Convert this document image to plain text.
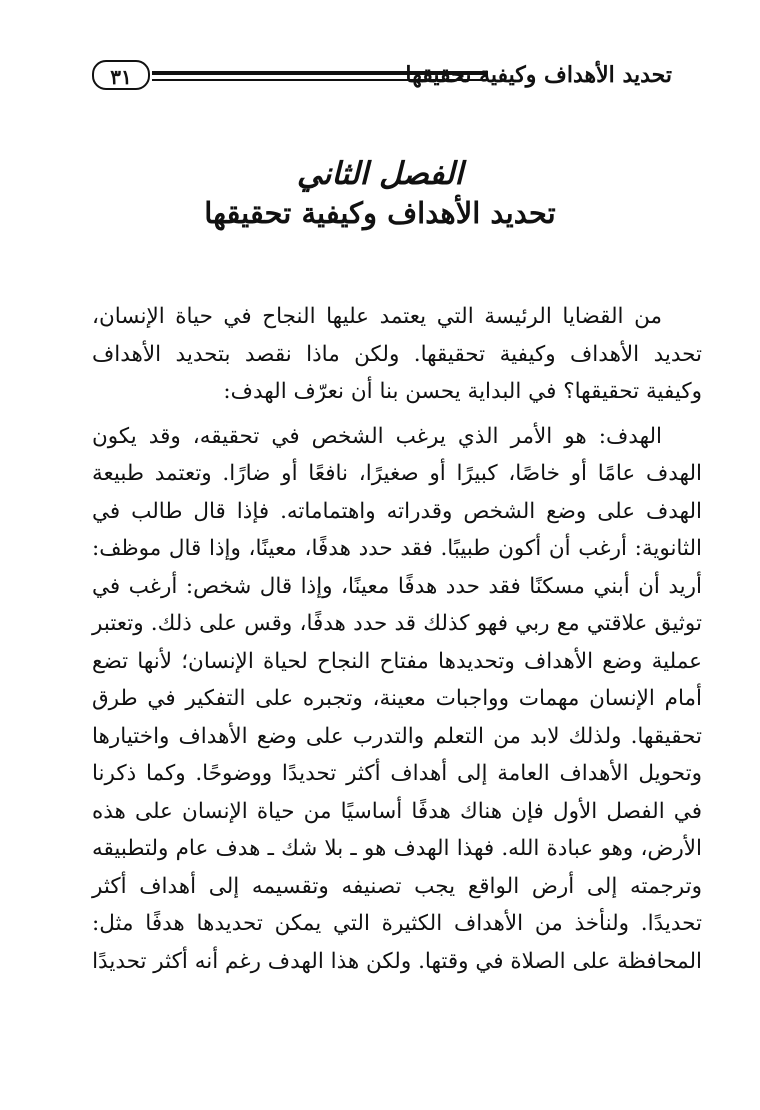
٣١	تحديد الأهداف وكيفية تحقيقها
الفصل الثاني
تحديد الأهداف وكيفية تحقيقها

من القضايا الرئيسة التي يعتمد عليها النجاح في حياة الإنسان، تحديد الأهداف وكيفية تحقيقها. ولكن ماذا نقصد بتحديد الأهداف وكيفية تحقيقها؟ في البداية يحسن بنا أن نعرّف الهدف:

الهدف: هو الأمر الذي يرغب الشخص في تحقيقه، وقد يكون الهدف عامًا أو خاصًا، كبيرًا أو صغيرًا، نافعًا أو ضارًا. وتعتمد طبيعة الهدف على وضع الشخص وقدراته واهتماماته. فإذا قال طالب في الثانوية: أرغب أن أكون طبيبًا. فقد حدد هدفًا، معينًا، وإذا قال موظف: أريد أن أبني مسكنًا فقد حدد هدفًا معينًا، وإذا قال شخص: أرغب في توثيق علاقتي مع ربي فهو كذلك قد حدد هدفًا، وقس على ذلك. وتعتبر عملية وضع الأهداف وتحديدها مفتاح النجاح لحياة الإنسان؛ لأنها تضع أمام الإنسان مهمات وواجبات معينة، وتجبره على التفكير في طرق تحقيقها. ولذلك لابد من التعلم والتدرب على وضع الأهداف واختيارها وتحويل الأهداف العامة إلى أهداف أكثر تحديدًا ووضوحًا. وكما ذكرنا في الفصل الأول فإن هناك هدفًا أساسيًا من حياة الإنسان على هذه الأرض، وهو عبادة الله. فهذا الهدف هو ـ بلا شك ـ هدف عام ولتطبيقه وترجمته إلى أرض الواقع يجب تصنيفه وتقسيمه إلى أهداف أكثر تحديدًا. ولنأخذ من الأهداف الكثيرة التي يمكن تحديدها هدفًا مثل: المحافظة على الصلاة في وقتها. ولكن هذا الهدف رغم أنه أكثر تحديدًا
